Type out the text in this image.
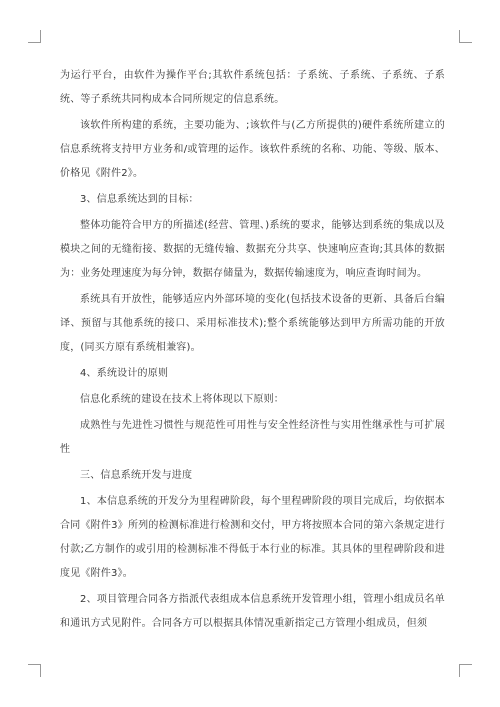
为运行平台，由软件为操作平台;其软件系统包括：子系统、子系统、子系统、子系统、等子系统共同构成本合同所规定的信息系统。

该软件所构建的系统，主要功能为、;该软件与(乙方所提供的)硬件系统所建立的信息系统将支持甲方业务和/或管理的运作。该软件系统的名称、功能、等级、版本、价格见《附件2》。

3、信息系统达到的目标：

整体功能符合甲方的所描述(经营、管理、)系统的要求，能够达到系统的集成以及模块之间的无缝衔接、数据的无缝传输、数据充分共享、快速响应查询;其具体的数据为：业务处理速度为每分钟，数据存储量为，数据传输速度为，响应查询时间为。

系统具有开放性，能够适应内外部环境的变化(包括技术设备的更新、具备后台编译、预留与其他系统的接口、采用标准技术);整个系统能够达到甲方所需功能的开放度，(同买方原有系统相兼容)。

4、系统设计的原则

信息化系统的建设在技术上将体现以下原则：

成熟性与先进性习惯性与规范性可用性与安全性经济性与实用性继承性与可扩展性

三、信息系统开发与进度

1、本信息系统的开发分为里程碑阶段，每个里程碑阶段的项目完成后，均依据本合同《附件3》所列的检测标准进行检测和交付，甲方将按照本合同的第六条规定进行付款;乙方制作的或引用的检测标准不得低于本行业的标准。其具体的里程碑阶段和进度见《附件3》。

2、项目管理合同各方指派代表组成本信息系统开发管理小组，管理小组成员名单和通讯方式见附件。合同各方可以根据具体情况重新指定己方管理小组成员，但须
